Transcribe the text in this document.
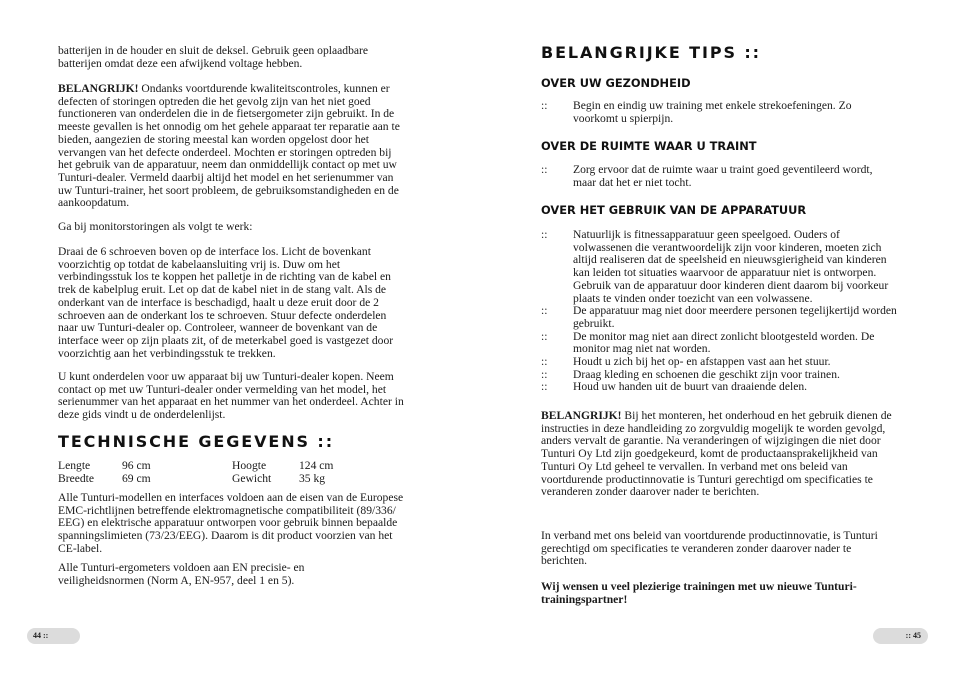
batterijen in de houder en sluit de deksel. Gebruik geen oplaadbare batterijen omdat deze een afwijkend voltage hebben.

BELANGRIJK! Ondanks voortdurende kwaliteitscontroles, kunnen er defecten of storingen optreden die het gevolg zijn van het niet goed functioneren van onderdelen die in de fietsergometer zijn gebruikt. In de meeste gevallen is het onnodig om het gehele apparaat ter reparatie aan te bieden, aangezien de storing meestal kan worden opgelost door het vervangen van het defecte onderdeel. Mochten er storingen optreden bij het gebruik van de apparatuur, neem dan onmiddellijk contact op met uw Tunturi-dealer. Vermeld daarbij altijd het model en het serienummer van uw Tunturi-trainer, het soort probleem, de gebruiksomstandigheden en de aankoopdatum.

Ga bij monitorstoringen als volgt te werk:

Draai de 6 schroeven boven op de interface los. Licht de bovenkant voorzichtig op totdat de kabelaansluiting vrij is. Duw om het verbindingsstuk los te koppen het palletje in de richting van de kabel en trek de kabelplug eruit. Let op dat de kabel niet in de stang valt. Als de onderkant van de interface is beschadigd, haalt u deze eruit door de 2 schroeven aan de onderkant los te schroeven. Stuur defecte onderdelen naar uw Tunturi-dealer op. Controleer, wanneer de bovenkant van de interface weer op zijn plaats zit, of de meterkabel goed is vastgezet door voorzichtig aan het verbindingsstuk te trekken.

U kunt onderdelen voor uw apparaat bij uw Tunturi-dealer kopen. Neem contact op met uw Tunturi-dealer onder vermelding van het model, het serienummer van het apparaat en het nummer van het onderdeel. Achter in deze gids vindt u de onderdelenlijst.

TECHNISCHE GEGEVENS ::
Lengte	96 cm	Hoogte	124 cm
Breedte	69 cm	Gewicht	35 kg

Alle Tunturi-modellen en interfaces voldoen aan de eisen van de Europese EMC-richtlijnen betreffende elektromagnetische compatibiliteit (89/336/ EEG) en elektrische apparatuur ontworpen voor gebruik binnen bepaalde spanningslimieten (73/23/EEG). Daarom is dit product voorzien van het CE-label.

Alle Tunturi-ergometers voldoen aan EN precisie- en veiligheidsnormen (Norm A, EN-957, deel 1 en 5).

BELANGRIJKE TIPS ::
OVER UW GEZONDHEID
::	Begin en eindig uw training met enkele strekoefeningen. Zo voorkomt u spierpijn.
OVER DE RUIMTE WAAR U TRAINT
::	Zorg ervoor dat de ruimte waar u traint goed geventileerd wordt, maar dat het er niet tocht.
OVER HET GEBRUIK VAN DE APPARATUUR
::	Natuurlijk is fitnessapparatuur geen speelgoed. Ouders of volwassenen die verantwoordelijk zijn voor kinderen, moeten zich altijd realiseren dat de speelsheid en nieuwsgierigheid van kinderen kan leiden tot situaties waarvoor de apparatuur niet is ontworpen. Gebruik van de apparatuur door kinderen dient daarom bij voorkeur plaats te vinden onder toezicht van een volwassene.
::	De apparatuur mag niet door meerdere personen tegelijkertijd worden gebruikt.
::	De monitor mag niet aan direct zonlicht blootgesteld worden. De monitor mag niet nat worden.
::	Houdt u zich bij het op- en afstappen vast aan het stuur.
::	Draag kleding en schoenen die geschikt zijn voor trainen.
::	Houd uw handen uit de buurt van draaiende delen.

BELANGRIJK! Bij het monteren, het onderhoud en het gebruik dienen de instructies in deze handleiding zo zorgvuldig mogelijk te worden gevolgd, anders vervalt de garantie. Na veranderingen of wijzigingen die niet door Tunturi Oy Ltd zijn goedgekeurd, komt de productaansprakelijkheid van Tunturi Oy Ltd geheel te vervallen. In verband met ons beleid van voortdurende productinnovatie is Tunturi gerechtigd om specificaties te veranderen zonder daarover nader te berichten.

In verband met ons beleid van voortdurende productinnovatie, is Tunturi gerechtigd om specificaties te veranderen zonder daarover nader te berichten.

Wij wensen u veel plezierige trainingen met uw nieuwe Tunturi-trainingspartner!

44 ::	:: 45
